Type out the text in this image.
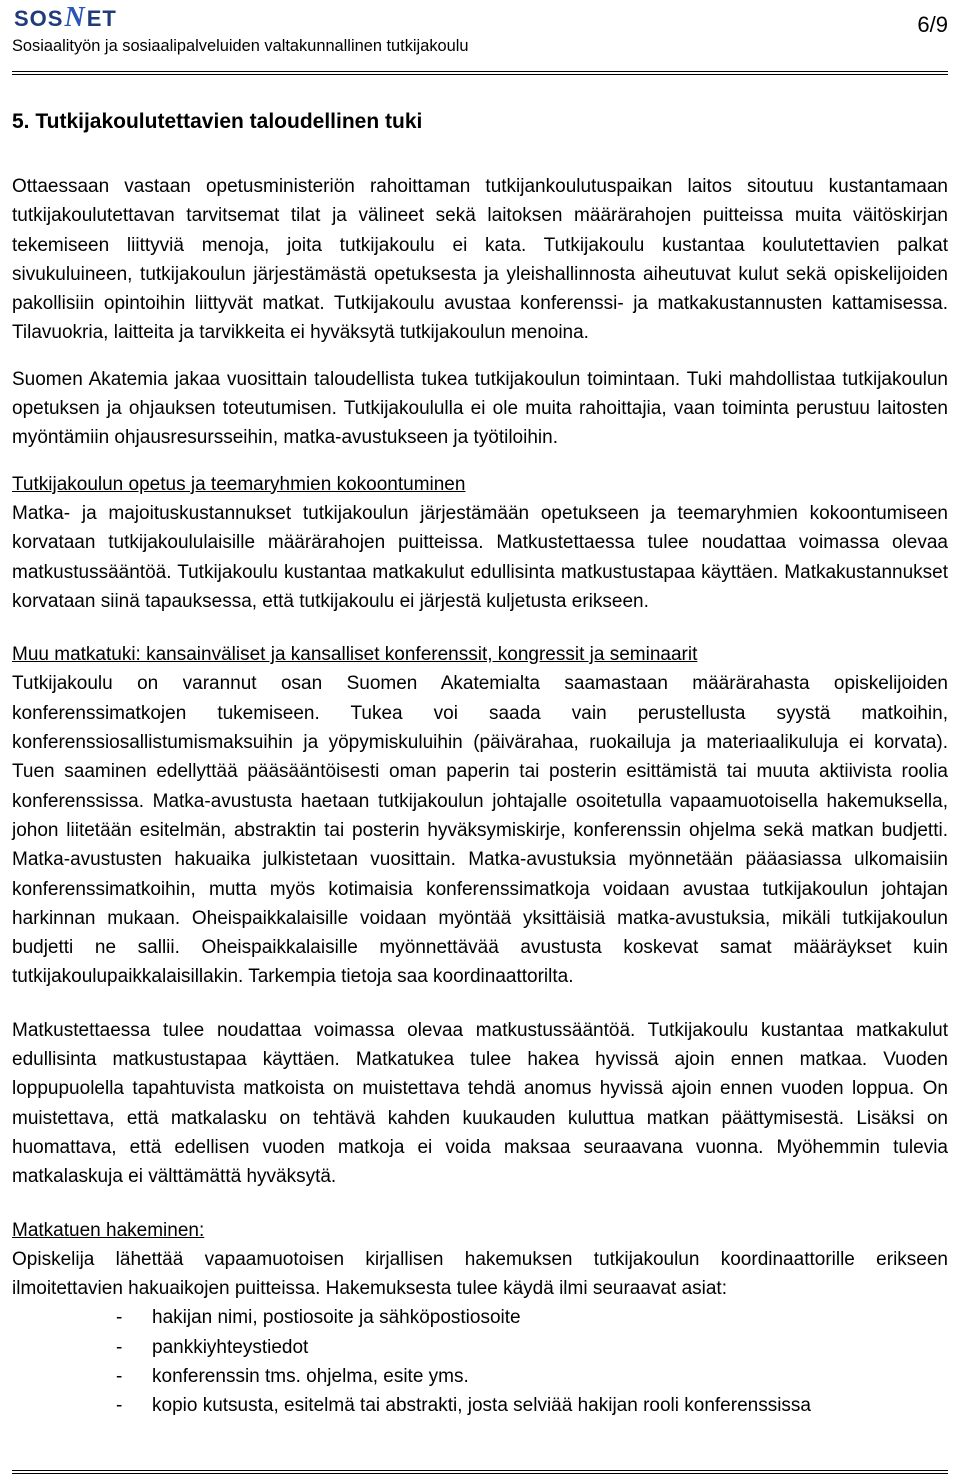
SOSNET	6/9
Sosiaalityön ja sosiaalipalveluiden valtakunnallinen tutkijakoulu
5. Tutkijakoulutettavien taloudellinen tuki

Ottaessaan vastaan opetusministeriön rahoittaman tutkijankoulutuspaikan laitos sitoutuu kustantamaan tutkijakoulutettavan tarvitsemat tilat ja välineet sekä laitoksen määrärahojen puitteissa muita väitöskirjan tekemiseen liittyviä menoja, joita tutkijakoulu ei kata. Tutkijakoulu kustantaa koulutettavien palkat sivukuluineen, tutkijakoulun järjestämästä opetuksesta ja yleishallinnosta aiheutuvat kulut sekä opiskelijoiden pakollisiin opintoihin liittyvät matkat. Tutkijakoulu avustaa konferenssi- ja matkakustannusten kattamisessa. Tilavuokria, laitteita ja tarvikkeita ei hyväksytä tutkijakoulun menoina.

Suomen Akatemia jakaa vuosittain taloudellista tukea tutkijakoulun toimintaan. Tuki mahdollistaa tutkijakoulun opetuksen ja ohjauksen toteutumisen. Tutkijakoululla ei ole muita rahoittajia, vaan toiminta perustuu laitosten myöntämiin ohjausresursseihin, matka-avustukseen ja työtiloihin.

Tutkijakoulun opetus ja teemaryhmien kokoontuminen

Matka- ja majoituskustannukset tutkijakoulun järjestämään opetukseen ja teemaryhmien kokoontumiseen korvataan tutkijakoululaisille määrärahojen puitteissa. Matkustettaessa tulee noudattaa voimassa olevaa matkustussääntöä. Tutkijakoulu kustantaa matkakulut edullisinta matkustustapaa käyttäen. Matkakustannukset korvataan siinä tapauksessa, että tutkijakoulu ei järjestä kuljetusta erikseen.

Muu matkatuki: kansainväliset ja kansalliset konferenssit, kongressit ja seminaarit

Tutkijakoulu on varannut osan Suomen Akatemialta saamastaan määrärahasta opiskelijoiden konferenssimatkojen tukemiseen. Tukea voi saada vain perustellusta syystä matkoihin, konferenssiosallistumismaksuihin ja yöpymiskuluihin (päivärahaa, ruokailuja ja materiaalikuluja ei korvata). Tuen saaminen edellyttää pääsääntöisesti oman paperin tai posterin esittämistä tai muuta aktiivista roolia konferenssissa. Matka-avustusta haetaan tutkijakoulun johtajalle osoitetulla vapaamuotoisella hakemuksella, johon liitetään esitelmän, abstraktin tai posterin hyväksymiskirje, konferenssin ohjelma sekä matkan budjetti. Matka-avustusten hakuaika julkistetaan vuosittain. Matka-avustuksia myönnetään pääasiassa ulkomaisiin konferenssimatkoihin, mutta myös kotimaisia konferenssimatkoja voidaan avustaa tutkijakoulun johtajan harkinnan mukaan. Oheispaikkalaisille voidaan myöntää yksittäisiä matka-avustuksia, mikäli tutkijakoulun budjetti ne sallii. Oheispaikkalaisille myönnettävää avustusta koskevat samat määräykset kuin tutkijakoulupaikkalaisillakin. Tarkempia tietoja saa koordinaattorilta.

Matkustettaessa tulee noudattaa voimassa olevaa matkustussääntöä. Tutkijakoulu kustantaa matkakulut edullisinta matkustustapaa käyttäen. Matkatukea tulee hakea hyvissä ajoin ennen matkaa. Vuoden loppupuolella tapahtuvista matkoista on muistettava tehdä anomus hyvissä ajoin ennen vuoden loppua. On muistettava, että matkalasku on tehtävä kahden kuukauden kuluttua matkan päättymisestä. Lisäksi on huomattava, että edellisen vuoden matkoja ei voida maksaa seuraavana vuonna. Myöhemmin tulevia matkalaskuja ei välttämättä hyväksytä.

Matkatuen hakeminen:

Opiskelija lähettää vapaamuotoisen kirjallisen hakemuksen tutkijakoulun koordinaattorille erikseen ilmoitettavien hakuaikojen puitteissa. Hakemuksesta tulee käydä ilmi seuraavat asiat:

- hakijan nimi, postiosoite ja sähköpostiosoite
- pankkiyhteystiedot
- konferenssin tms. ohjelma, esite yms.
- kopio kutsusta, esitelmä tai abstrakti, josta selviää hakijan rooli konferenssissa
